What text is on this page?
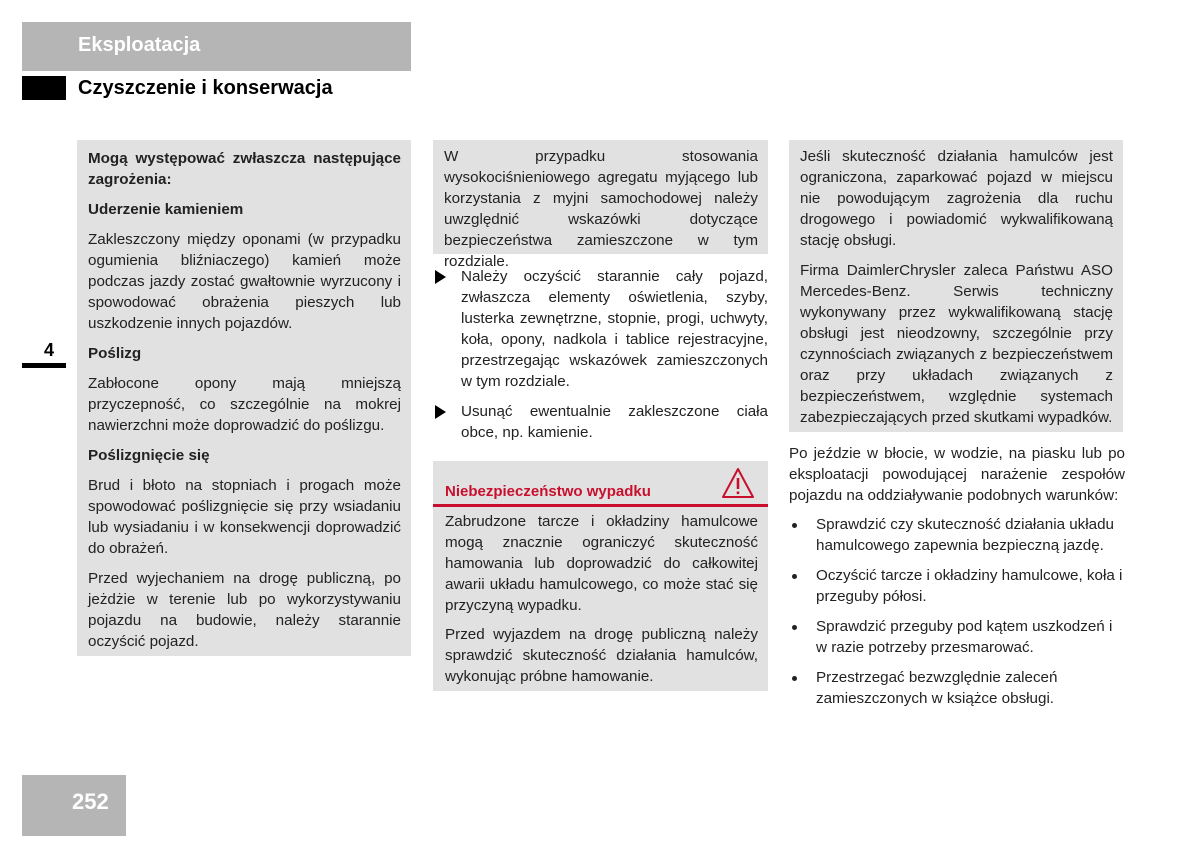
Eksploatacja
Czyszczenie i konserwacja
4

Mogą występować zwłaszcza następujące zagrożenia:

Uderzenie kamieniem

Zakleszczony między oponami (w przypadku ogumienia bliźniaczego) kamień może podczas jazdy zostać gwałtownie wyrzucony i spowodować obrażenia pieszych lub uszkodzenie innych pojazdów.

Poślizg

Zabłocone opony mają mniejszą przyczepność, co szczególnie na mokrej nawierzchni może doprowadzić do poślizgu.

Poślizgnięcie się

Brud i błoto na stopniach i progach może spowodować poślizgnięcie się przy wsiadaniu lub wysiadaniu i w konsekwencji doprowadzić do obrażeń.

Przed wyjechaniem na drogę publiczną, po jeżdżie w terenie lub po wykorzystywaniu pojazdu na budowie, należy starannie oczyścić pojazd.

W przypadku stosowania wysokociśnieniowego agregatu myjącego lub korzystania z myjni samochodowej należy uwzględnić wskazówki dotyczące bezpieczeństwa zamieszczone w tym rozdziale.

Należy oczyścić starannie cały pojazd, zwłaszcza elementy oświetlenia, szyby, lusterka zewnętrzne, stopnie, progi, uchwyty, koła, opony, nadkola i tablice rejestracyjne, przestrzegając wskazówek zamieszczonych w tym rozdziale.

Usunąć ewentualnie zakleszczone ciała obce, np. kamienie.

Niebezpieczeństwo wypadku

Zabrudzone tarcze i okładziny hamulcowe mogą znacznie ograniczyć skuteczność hamowania lub doprowadzić do całkowitej awarii układu hamulcowego, co może stać się przyczyną wypadku.

Przed wyjazdem na drogę publiczną należy sprawdzić skuteczność działania hamulców, wykonując próbne hamowanie.

Jeśli skuteczność działania hamulców jest ograniczona, zaparkować pojazd w miejscu nie powodującym zagrożenia dla ruchu drogowego i powiadomić wykwalifikowaną stację obsługi.

Firma DaimlerChrysler zaleca Państwu ASO Mercedes-Benz. Serwis techniczny wykonywany przez wykwalifikowaną stację obsługi jest nieodzowny, szczególnie przy czynnościach związanych z bezpieczeństwem oraz przy układach związanych z bezpieczeństwem, względnie systemach zabezpieczających przed skutkami wypadków.

Po jeździe w błocie, w wodzie, na piasku lub po eksploatacji powodującej narażenie zespołów pojazdu na oddziaływanie podobnych warunków:

Sprawdzić czy skuteczność działania układu hamulcowego zapewnia bezpieczną jazdę.

Oczyścić tarcze i okładziny hamulcowe, koła i przeguby półosi.

Sprawdzić przeguby pod kątem uszkodzeń i w razie potrzeby przesmarować.

Przestrzegać bezwzględnie zaleceń zamieszczonych w książce obsługi.

252
